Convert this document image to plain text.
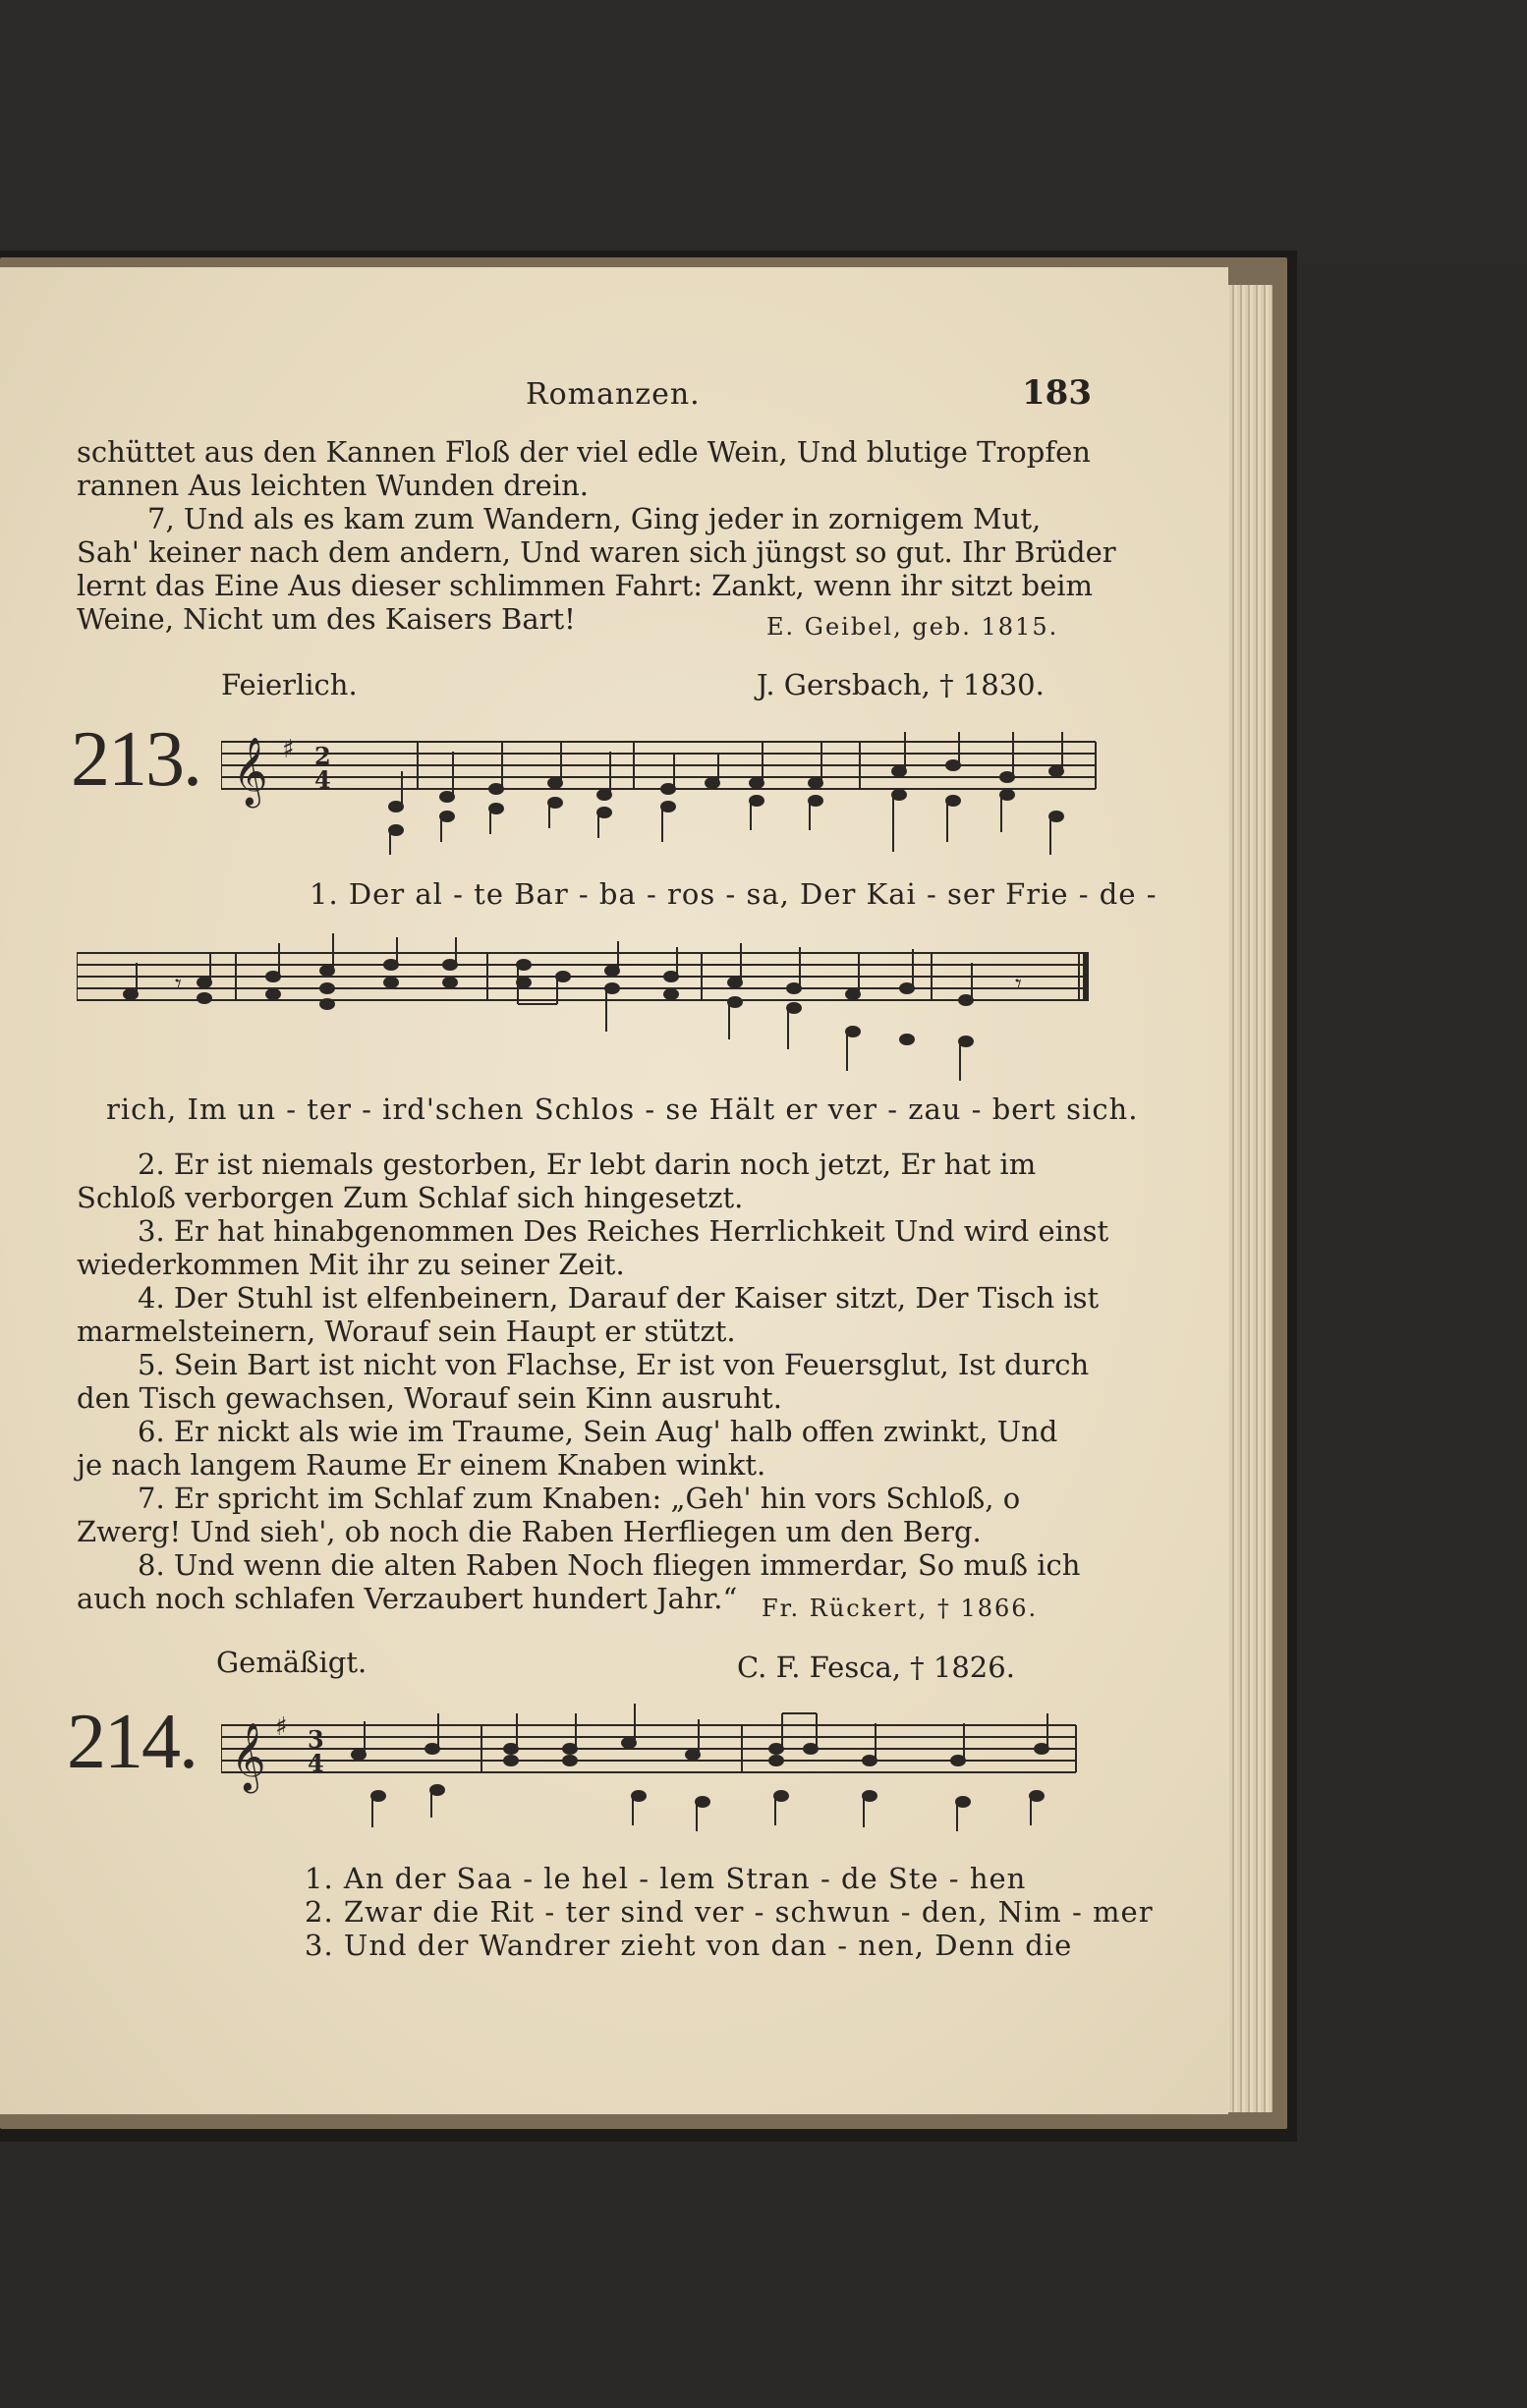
Romanzen.	183
schüttet aus den Kannen Floß der viel edle Wein, Und blutige Tropfen
rannen Aus leichten Wunden drein.
7, Und als es kam zum Wandern, Ging jeder in zornigem Mut,
Sah' keiner nach dem andern, Und waren sich jüngst so gut. Ihr Brüder
lernt das Eine Aus dieser schlimmen Fahrt: Zankt, wenn ihr sitzt beim
Weine, Nicht um des Kaisers Bart!	E. Geibel, geb. 1815.
Feierlich.	J. Gersbach, † 1830.
213. 𝄞 ♯ 2
4
1. Der al - te Bar - ba - ros - sa, Der Kai - ser Frie - de -
𝄾	𝄾
rich, Im un - ter - ird'schen Schlos - se Hält er ver - zau - bert sich.
2. Er ist niemals gestorben, Er lebt darin noch jetzt, Er hat im
Schloß verborgen Zum Schlaf sich hingesetzt.
3. Er hat hinabgenommen Des Reiches Herrlichkeit Und wird einst
wiederkommen Mit ihr zu seiner Zeit.
4. Der Stuhl ist elfenbeinern, Darauf der Kaiser sitzt, Der Tisch ist
marmelsteinern, Worauf sein Haupt er stützt.
5. Sein Bart ist nicht von Flachse, Er ist von Feuersglut, Ist durch
den Tisch gewachsen, Worauf sein Kinn ausruht.
6. Er nickt als wie im Traume, Sein Aug' halb offen zwinkt, Und
je nach langem Raume Er einem Knaben winkt.
7. Er spricht im Schlaf zum Knaben: „Geh' hin vors Schloß, o
Zwerg! Und sieh', ob noch die Raben Herfliegen um den Berg.
8. Und wenn die alten Raben Noch fliegen immerdar, So muß ich
auch noch schlafen Verzaubert hundert Jahr.“ Fr. Rückert, † 1866.
Gemäßigt.	C. F. Fesca, † 1826.
214. 𝄞 ♯ 3
4
1. An der Saa - le hel - lem Stran - de Ste - hen
2. Zwar die Rit - ter sind ver - schwun - den, Nim - mer
3. Und der Wandrer zieht von dan - nen, Denn die
